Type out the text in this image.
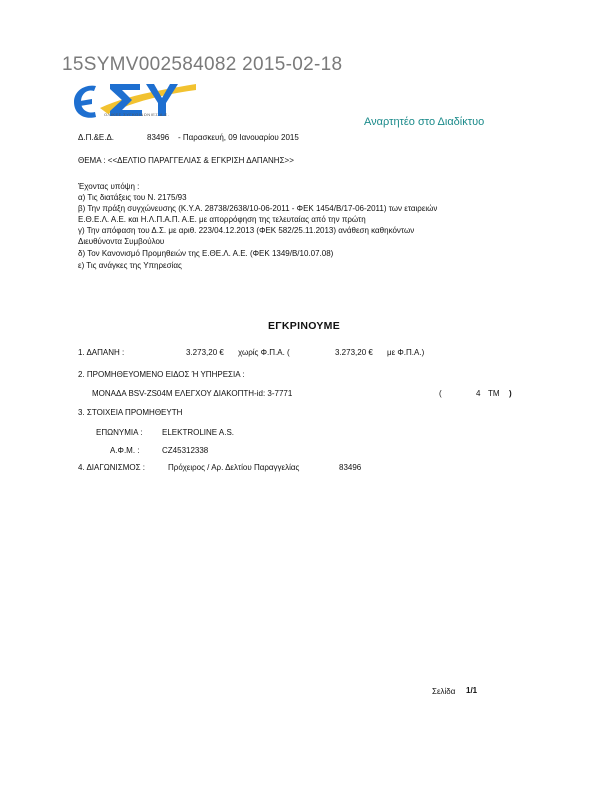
15SYMV002584082 2015-02-18
ΟΛΙΚΕΣ ΣΥΓΚΟΙΝΩΝΙΕΣ Α.Ε.
Αναρτητέο στο Διαδίκτυο
Δ.Π.&Ε.Δ.	83496 - Παρασκευή, 09 Ιανουαρίου 2015
ΘΕΜΑ : <<ΔΕΛΤΙΟ ΠΑΡΑΓΓΕΛΙΑΣ & ΕΓΚΡΙΣΗ ΔΑΠΑΝΗΣ>>
Έχοντας υπόψη :
α) Τις διατάξεις του Ν. 2175/93
β) Την πράξη συγχώνευσης (Κ.Υ.Α. 28738/2638/10-06-2011 - ΦΕΚ 1454/Β/17-06-2011) των εταιρειών
Ε.Θ.Ε.Λ. Α.Ε. και Η.Λ.Π.Α.Π. Α.Ε. με απορρόφηση της τελευταίας από την πρώτη
γ) Την απόφαση του Δ.Σ. με αριθ. 223/04.12.2013 (ΦΕΚ 582/25.11.2013) ανάθεση καθηκόντων
Διευθύνοντα Συμβούλου
δ) Τον Κανονισμό Προμηθειών της Ε.ΘΕ.Λ. Α.Ε. (ΦΕΚ 1349/Β/10.07.08)
ε) Τις ανάγκες της Υπηρεσίας
ΕΓΚΡΙΝΟΥΜΕ
1. ΔΑΠΑΝΗ :	3.273,20 € χωρίς Φ.Π.Α. (	3.273,20 € με Φ.Π.Α.)
2. ΠΡΟΜΗΘΕΥΟΜΕΝΟ ΕΙΔΟΣ Ή ΥΠΗΡΕΣΙΑ :
ΜΟΝΑΔΑ BSV-ZS04M ΕΛΕΓΧΟΥ ΔΙΑΚΟΠΤΗ-id: 3-7771	(	4 ΤΜ )
3. ΣΤΟΙΧΕΙΑ ΠΡΟΜΗΘΕΥΤΗ
ΕΠΩΝΥΜΙΑ : ELEKTROLINE A.S.
Α.Φ.Μ. :	CZ45312338
4. ΔΙΑΓΩΝΙΣΜΟΣ :	Πρόχειρος / Αρ. Δελτίου Παραγγελίας	83496
Σελίδα 1/1
